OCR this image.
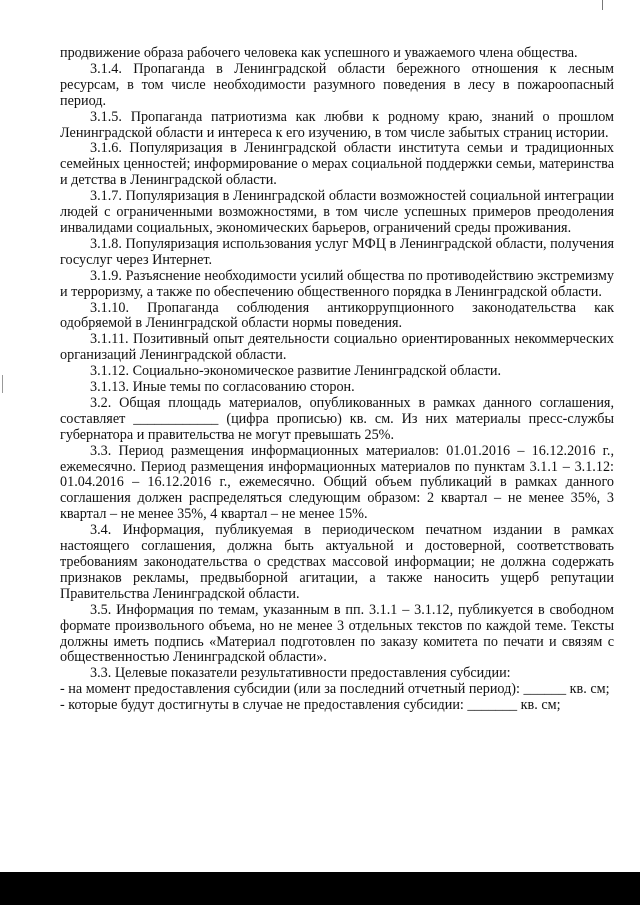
продвижение образа рабочего человека как успешного и уважаемого члена общества.

3.1.4. Пропаганда в Ленинградской области бережного отношения к лесным ресурсам, в том числе необходимости разумного поведения в лесу в пожароопасный период.

3.1.5. Пропаганда патриотизма как любви к родному краю, знаний о прошлом Ленинградской области и интереса к его изучению, в том числе забытых страниц истории.

3.1.6. Популяризация в Ленинградской области института семьи и традиционных семейных ценностей; информирование о мерах социальной поддержки семьи, материнства и детства в Ленинградской области.

3.1.7. Популяризация в Ленинградской области возможностей социальной интеграции людей с ограниченными возможностями, в том числе успешных примеров преодоления инвалидами социальных, экономических барьеров, ограничений среды проживания.

3.1.8. Популяризация использования услуг МФЦ в Ленинградской области, получения госуслуг через Интернет.

3.1.9. Разъяснение необходимости усилий общества по противодействию экстремизму и терроризму, а также по обеспечению общественного порядка в Ленинградской области.

3.1.10. Пропаганда соблюдения антикоррупционного законодательства как одобряемой в Ленинградской области нормы поведения.

3.1.11. Позитивный опыт деятельности социально ориентированных некоммерческих организаций Ленинградской области.

3.1.12. Социально-экономическое развитие Ленинградской области.

3.1.13. Иные темы по согласованию сторон.

3.2. Общая площадь материалов, опубликованных в рамках данного соглашения, составляет ____________ (цифра прописью) кв. см. Из них материалы пресс-службы губернатора и правительства не могут превышать 25%.

3.3. Период размещения информационных материалов: 01.01.2016 – 16.12.2016 г., ежемесячно. Период размещения информационных материалов по пунктам 3.1.1 – 3.1.12: 01.04.2016 – 16.12.2016 г., ежемесячно. Общий объем публикаций в рамках данного соглашения должен распределяться следующим образом: 2 квартал – не менее 35%, 3 квартал – не менее 35%, 4 квартал – не менее 15%.

3.4. Информация, публикуемая в периодическом печатном издании в рамках настоящего соглашения, должна быть актуальной и достоверной, соответствовать требованиям законодательства о средствах массовой информации; не должна содержать признаков рекламы, предвыборной агитации, а также наносить ущерб репутации Правительства Ленинградской области.

3.5. Информация по темам, указанным в пп. 3.1.1 – 3.1.12, публикуется в свободном формате произвольного объема, но не менее 3 отдельных текстов по каждой теме. Тексты должны иметь подпись «Материал подготовлен по заказу комитета по печати и связям с общественностью Ленинградской области».

3.3. Целевые показатели результативности предоставления субсидии:

- на момент предоставления субсидии (или за последний отчетный период): ______ кв. см;

- которые будут достигнуты в случае не предоставления субсидии: _______ кв. см;
